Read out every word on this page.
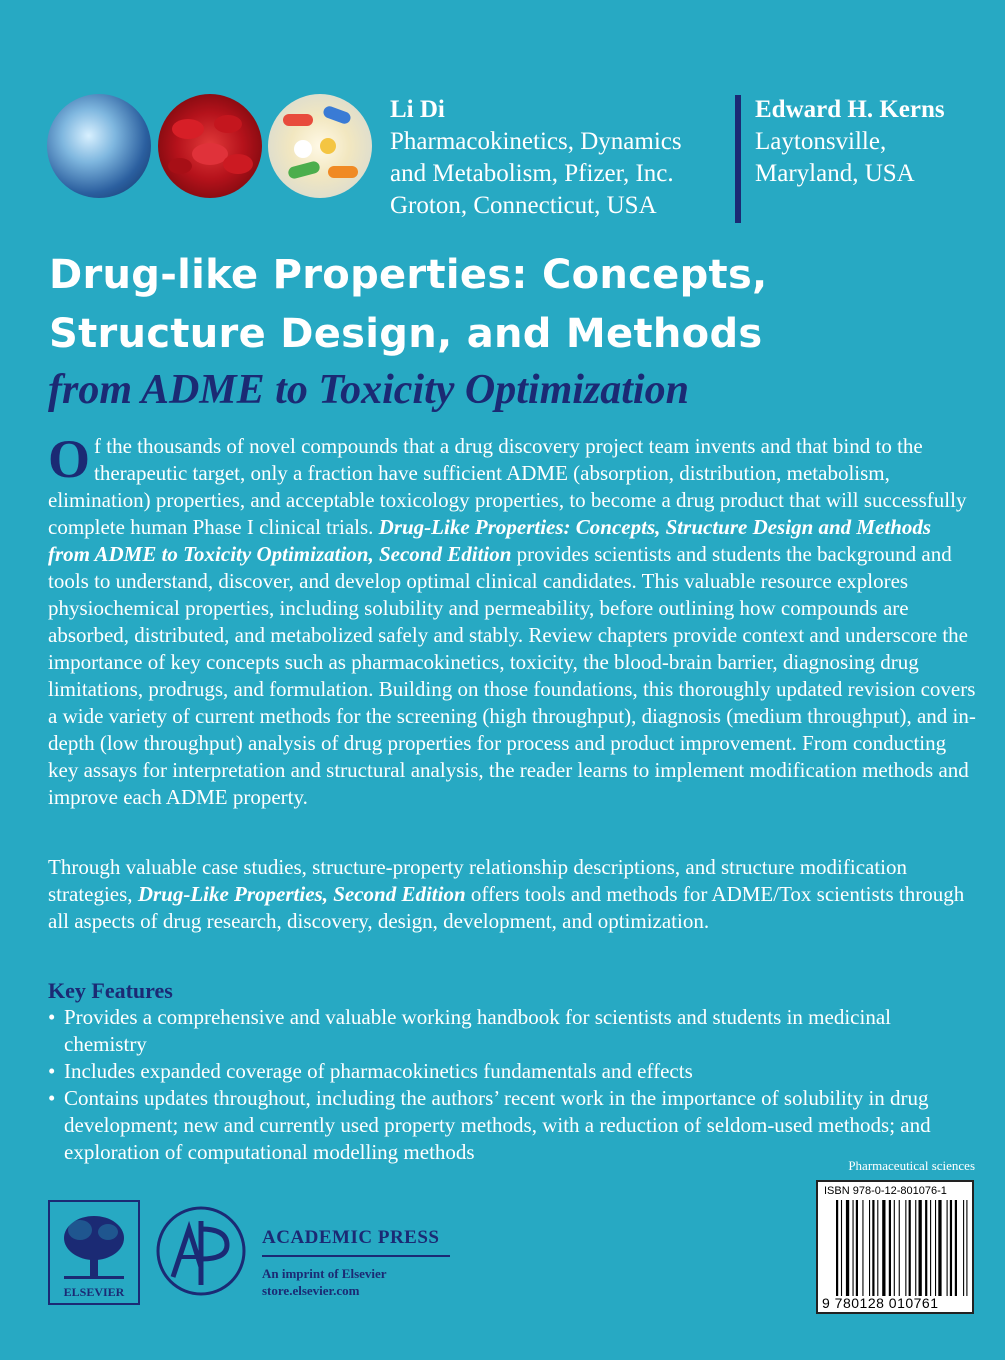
Li Di
Pharmacokinetics, Dynamics
and Metabolism, Pfizer, Inc.
Groton, Connecticut, USA
Edward H. Kerns
Laytonsville,
Maryland, USA
Drug-like Properties: Concepts,
Structure Design, and Methods
from ADME to Toxicity Optimization

Of the thousands of novel compounds that a drug discovery project team invents and that bind to the therapeutic target, only a fraction have sufficient ADME (absorption, distribution, metabolism, elimination) properties, and acceptable toxicology properties, to become a drug product that will successfully complete human Phase I clinical trials. Drug-Like Properties: Concepts, Structure Design and Methods from ADME to Toxicity Optimization, Second Edition provides scientists and students the background and tools to understand, discover, and develop optimal clinical candidates. This valuable resource explores physiochemical properties, including solubility and permeability, before outlining how compounds are absorbed, distributed, and metabolized safely and stably. Review chapters provide context and underscore the importance of key concepts such as pharmacokinetics, toxicity, the blood-brain barrier, diagnosing drug limitations, prodrugs, and formulation. Building on those foundations, this thoroughly updated revision covers a wide variety of current methods for the screening (high throughput), diagnosis (medium throughput), and in-depth (low throughput) analysis of drug properties for process and product improvement. From conducting key assays for interpretation and structural analysis, the reader learns to implement modification methods and improve each ADME property.

Through valuable case studies, structure-property relationship descriptions, and structure modification strategies, Drug-Like Properties, Second Edition offers tools and methods for ADME/Tox scientists through all aspects of drug research, discovery, design, development, and optimization.

Key Features
• Provides a comprehensive and valuable working handbook for scientists and students in medicinal chemistry
• Includes expanded coverage of pharmacokinetics fundamentals and effects
• Contains updates throughout, including the authors’ recent work in the importance of solubility in drug development; new and currently used property methods, with a reduction of seldom-used methods; and exploration of computational modelling methods
Pharmaceutical sciences
ISBN 978-0-12-801076-1
9 780128 010761
ELSEVIER
ACADEMIC PRESS
An imprint of Elsevier
store.elsevier.com
